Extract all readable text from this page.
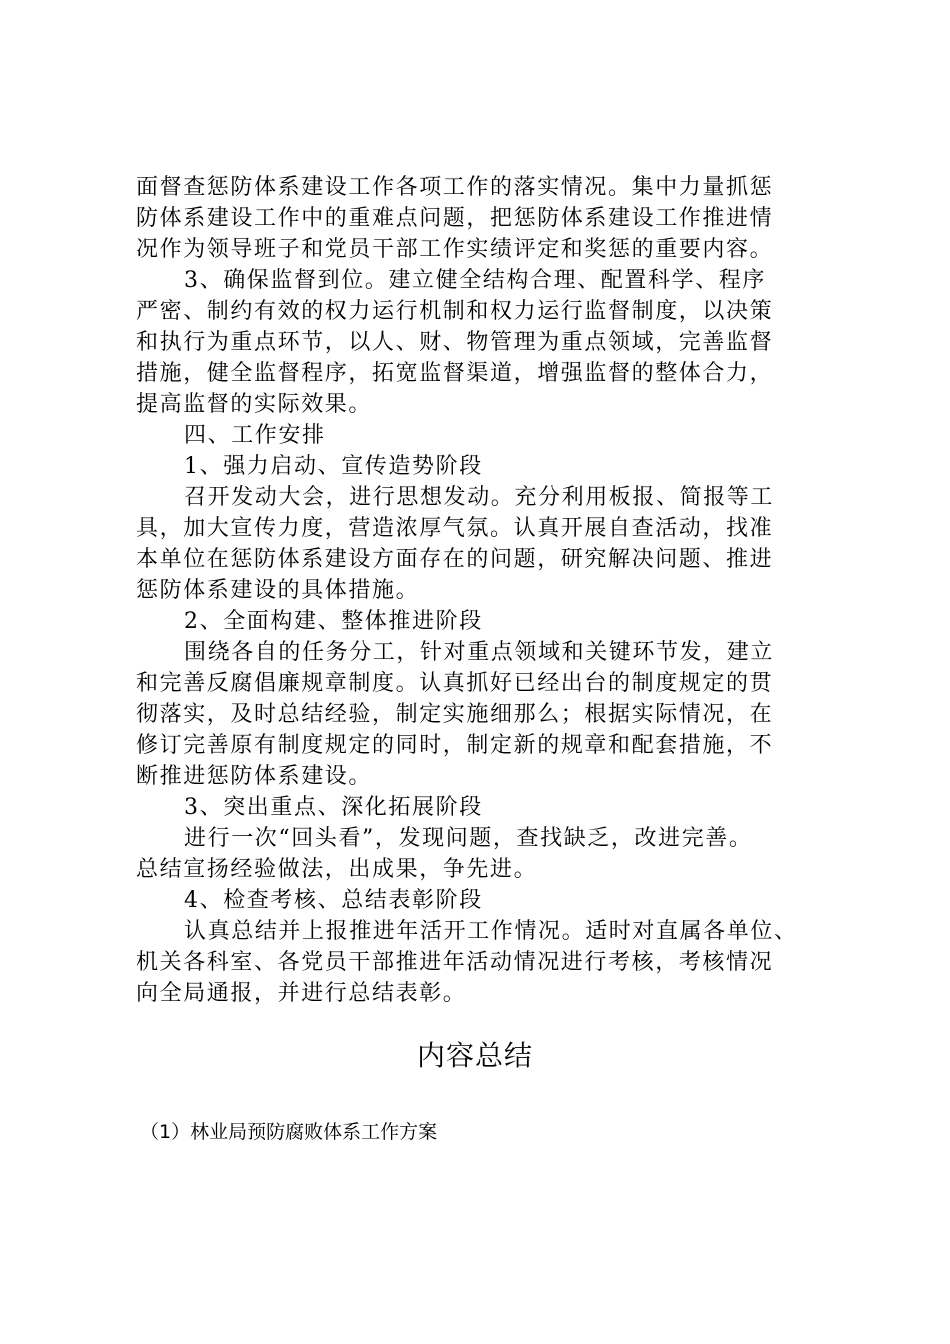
面督查惩防体系建设工作各项工作的落实情况。集中力量抓惩
防体系建设工作中的重难点问题，把惩防体系建设工作推进情
况作为领导班子和党员干部工作实绩评定和奖惩的重要内容。
3、确保监督到位。建立健全结构合理、配置科学、程序
严密、制约有效的权力运行机制和权力运行监督制度，以决策
和执行为重点环节，以人、财、物管理为重点领域，完善监督
措施，健全监督程序，拓宽监督渠道，增强监督的整体合力，
提高监督的实际效果。
四、工作安排
1、强力启动、宣传造势阶段
召开发动大会，进行思想发动。充分利用板报、简报等工
具，加大宣传力度，营造浓厚气氛。认真开展自查活动，找准
本单位在惩防体系建设方面存在的问题，研究解决问题、推进
惩防体系建设的具体措施。
2、全面构建、整体推进阶段
围绕各自的任务分工，针对重点领域和关键环节发，建立
和完善反腐倡廉规章制度。认真抓好已经出台的制度规定的贯
彻落实，及时总结经验，制定实施细那么；根据实际情况，在
修订完善原有制度规定的同时，制定新的规章和配套措施，不
断推进惩防体系建设。
3、突出重点、深化拓展阶段
进行一次“回头看”，发现问题，查找缺乏，改进完善。
总结宣扬经验做法，出成果，争先进。
4、检查考核、总结表彰阶段
认真总结并上报推进年活开工作情况。适时对直属各单位、
机关各科室、各党员干部推进年活动情况进行考核，考核情况
向全局通报，并进行总结表彰。
内容总结
（1）林业局预防腐败体系工作方案
